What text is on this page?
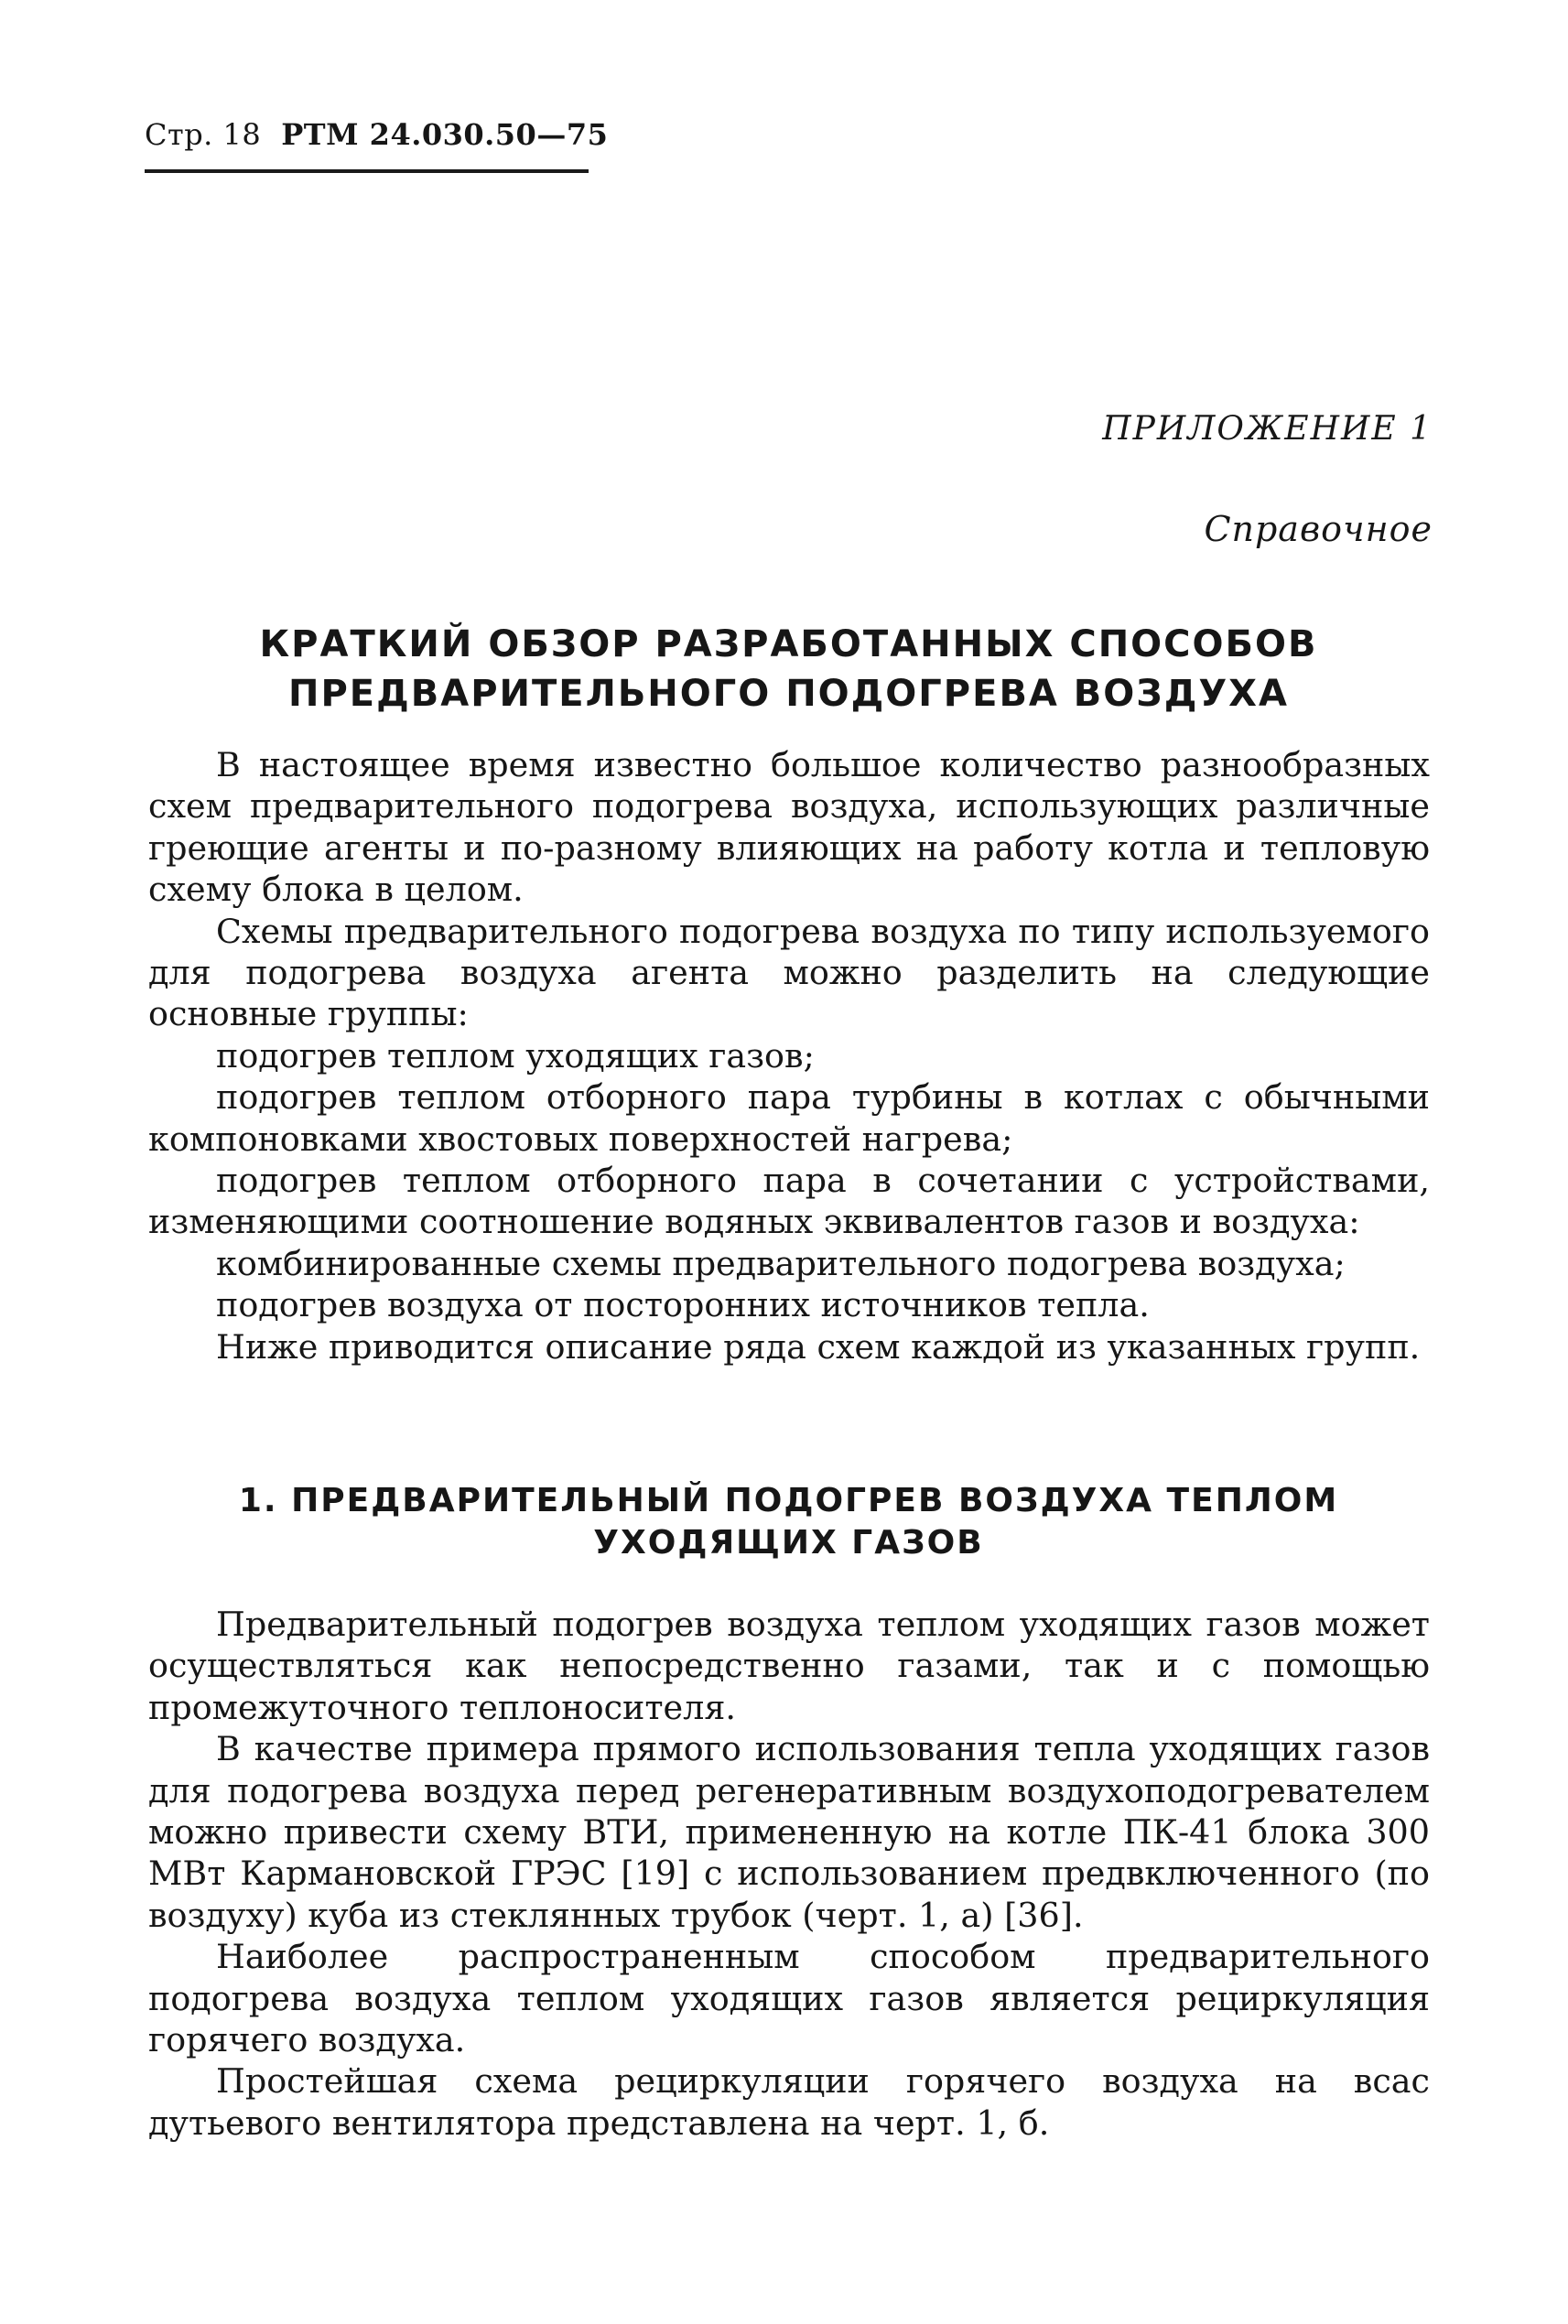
Стр. 18 РТМ 24.030.50—75
ПРИЛОЖЕНИЕ 1
Справочное
КРАТКИЙ ОБЗОР РАЗРАБОТАННЫХ СПОСОБОВ
ПРЕДВАРИТЕЛЬНОГО ПОДОГРЕВА ВОЗДУХА

В настоящее время известно большое количество разнообразных схем предварительного подогрева воздуха, использующих различные греющие агенты и по-разному влияющих на работу котла и тепловую схему блока в целом.

Схемы предварительного подогрева воздуха по типу используемого для подогрева воздуха агента можно разделить на следующие основные группы:

подогрев теплом уходящих газов;

подогрев теплом отборного пара турбины в котлах с обычными компоновками хвостовых поверхностей нагрева;

подогрев теплом отборного пара в сочетании с устройствами, изменяющими соотношение водяных эквивалентов газов и воздуха:

комбинированные схемы предварительного подогрева воздуха;

подогрев воздуха от посторонних источников тепла.

Ниже приводится описание ряда схем каждой из указанных групп.

1. ПРЕДВАРИТЕЛЬНЫЙ ПОДОГРЕВ ВОЗДУХА ТЕПЛОМ
УХОДЯЩИХ ГАЗОВ

Предварительный подогрев воздуха теплом уходящих газов может осуществляться как непосредственно газами, так и с помощью промежуточного теплоносителя.

В качестве примера прямого использования тепла уходящих газов для подогрева воздуха перед регенеративным воздухоподогревателем можно привести схему ВТИ, примененную на котле ПК-41 блока 300 МВт Кармановской ГРЭС [19] с использованием предвключенного (по воздуху) куба из стеклянных трубок (черт. 1, а) [36].

Наиболее распространенным способом предварительного подогрева воздуха теплом уходящих газов является рециркуляция горячего воздуха.

Простейшая схема рециркуляции горячего воздуха на всас дутьевого вентилятора представлена на черт. 1, б.
